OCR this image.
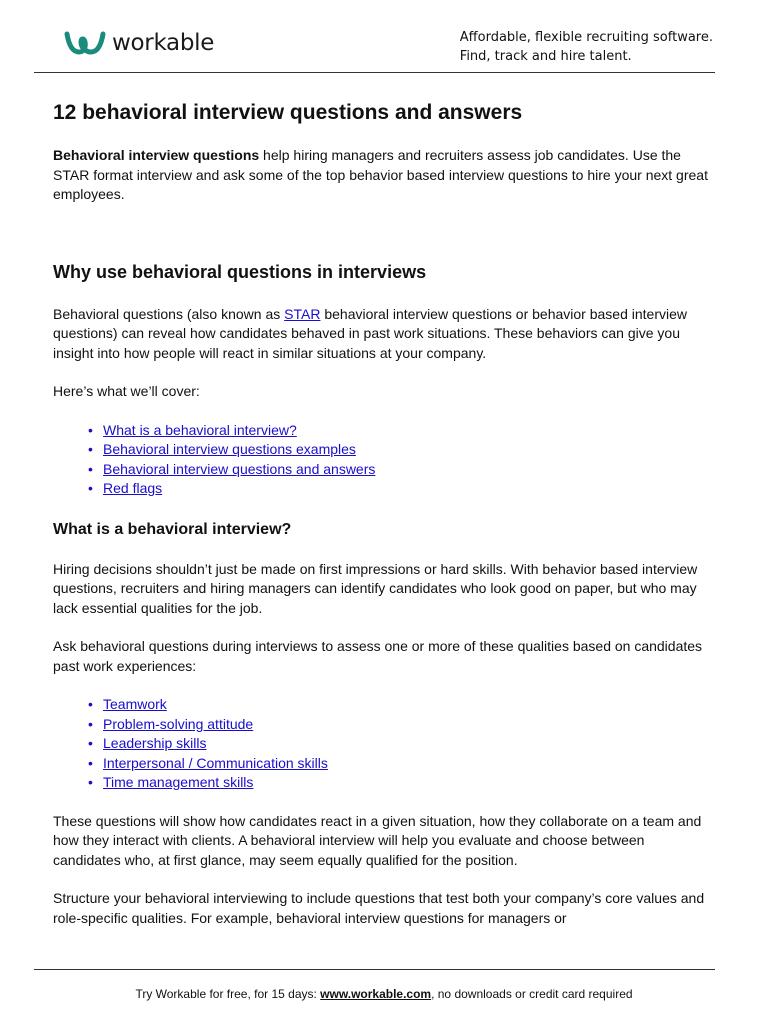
workable	Affordable, flexible recruiting software.
Find, track and hire talent.
12 behavioral interview questions and answers

Behavioral interview questions help hiring managers and recruiters assess job candidates. Use the STAR format interview and ask some of the top behavior based interview questions to hire your next great employees.

Why use behavioral questions in interviews

Behavioral questions (also known as STAR behavioral interview questions or behavior based interview questions) can reveal how candidates behaved in past work situations. These behaviors can give you insight into how people will react in similar situations at your company.

Here’s what we’ll cover:

• What is a behavioral interview?
• Behavioral interview questions examples
• Behavioral interview questions and answers
• Red flags
What is a behavioral interview?

Hiring decisions shouldn’t just be made on first impressions or hard skills. With behavior based interview questions, recruiters and hiring managers can identify candidates who look good on paper, but who may lack essential qualities for the job.

Ask behavioral questions during interviews to assess one or more of these qualities based on candidates past work experiences:

• Teamwork
• Problem-solving attitude
• Leadership skills
• Interpersonal / Communication skills
• Time management skills

These questions will show how candidates react in a given situation, how they collaborate on a team and how they interact with clients. A behavioral interview will help you evaluate and choose between candidates who, at first glance, may seem equally qualified for the position.

Structure your behavioral interviewing to include questions that test both your company’s core values and role-specific qualities. For example, behavioral interview questions for managers or

Try Workable for free, for 15 days: www.workable.com, no downloads or credit card required
